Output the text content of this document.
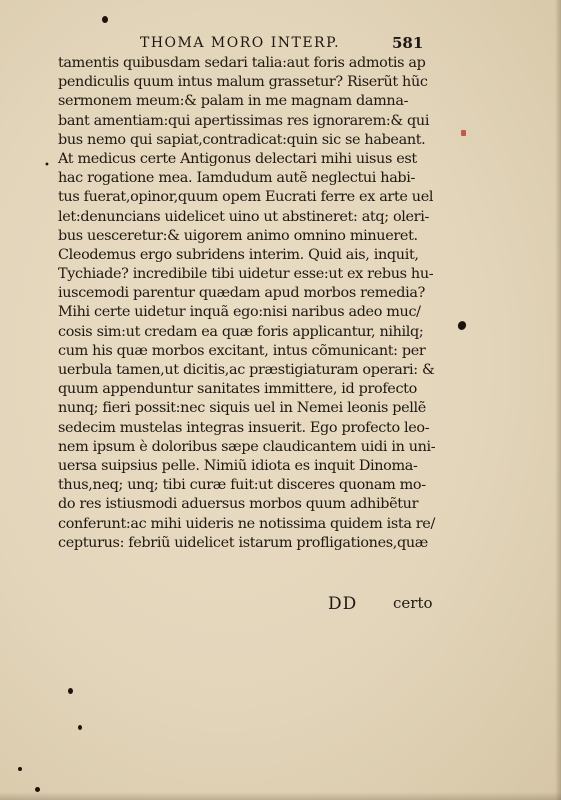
•
THOMA MORO INTERP.	581
tamentis quibusdam sedari talia:aut foris admotis ap
pendiculis quum intus malum grassetur? Riserũt hũc
sermonem meum:& palam in me magnam damna-
bant amentiam:qui apertissimas res ignorarem:& qui
bus nemo qui sapiat,contradicat:quin sic se habeant.
At medicus certe Antigonus delectari mihi uisus est
hac rogatione mea. Iamdudum autẽ neglectui habi-
tus fuerat,opinor,quum opem Eucrati ferre ex arte uel
let:denuncians uidelicet uino ut abstineret: atq; oleri-
bus uesceretur:& uigorem animo omnino minueret.
Cleodemus ergo subridens interim. Quid ais, inquit,
Tychiade? incredibile tibi uidetur esse:ut ex rebus hu-
iuscemodi parentur quædam apud morbos remedia?
Mihi certe uidetur inquã ego:nisi naribus adeo muc/
cosis sim:ut credam ea quæ foris applicantur, nihilq;
cum his quæ morbos excitant, intus cõmunicant: per
uerbula tamen,ut dicitis,ac præstigiaturam operari: &
quum appenduntur sanitates immittere, id profecto
nunq; fieri possit:nec siquis uel in Nemei leonis pellẽ
sedecim mustelas integras insuerit. Ego profecto leo-
nem ipsum è doloribus sæpe claudicantem uidi in uni-
uersa suipsius pelle. Nimiũ idiota es inquit Dinoma-
thus,neq; unq; tibi curæ fuit:ut disceres quonam mo-
do res istiusmodi aduersus morbos quum adhibẽtur
conferunt:ac mihi uideris ne notissima quidem ista re/
cepturus: febriũ uidelicet istarum profligationes,quæ
DD certo
